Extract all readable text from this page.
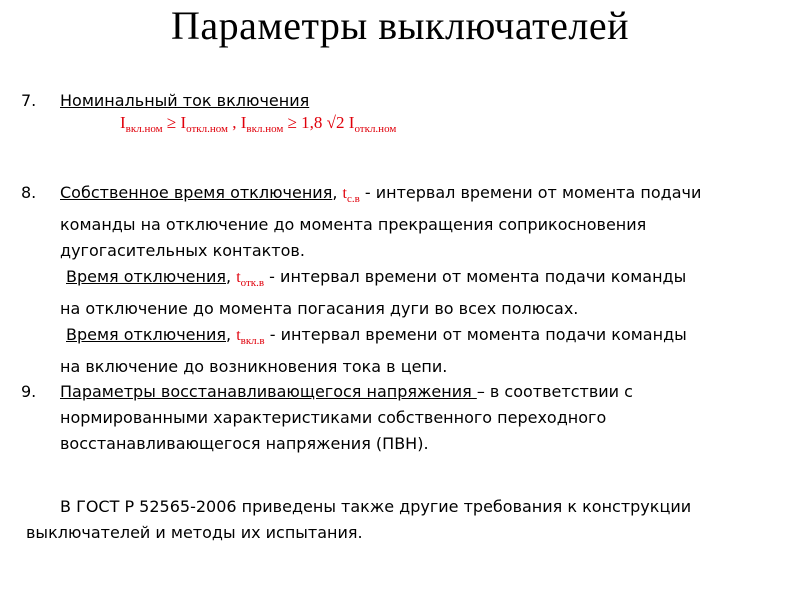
Параметры выключателей
7. Номинальный ток включения
$I_{вкл.ном} \ge I_{откл.ном}$ , $I_{вкл.ном} \ge 1,8$ √2 $I_{откл.ном}$
8. Собственное время отключения, $t_{с.в}$ - интервал времени от момента подачи
команды на отключение до момента прекращения соприкосновения
дугогасительных контактов.
Время отключения, $t_{отк.в}$ - интервал времени от момента подачи команды
на отключение до момента погасания дуги во всех полюсах.
Время отключения, $t_{вкл.в}$ - интервал времени от момента подачи команды
на включение до возникновения тока в цепи.
9. Параметры восстанавливающегося напряжения – в соответствии с
нормированными характеристиками собственного переходного
восстанавливающегося напряжения (ПВН).
В ГОСТ Р 52565-2006 приведены также другие требования к конструкции
выключателей и методы их испытания.
